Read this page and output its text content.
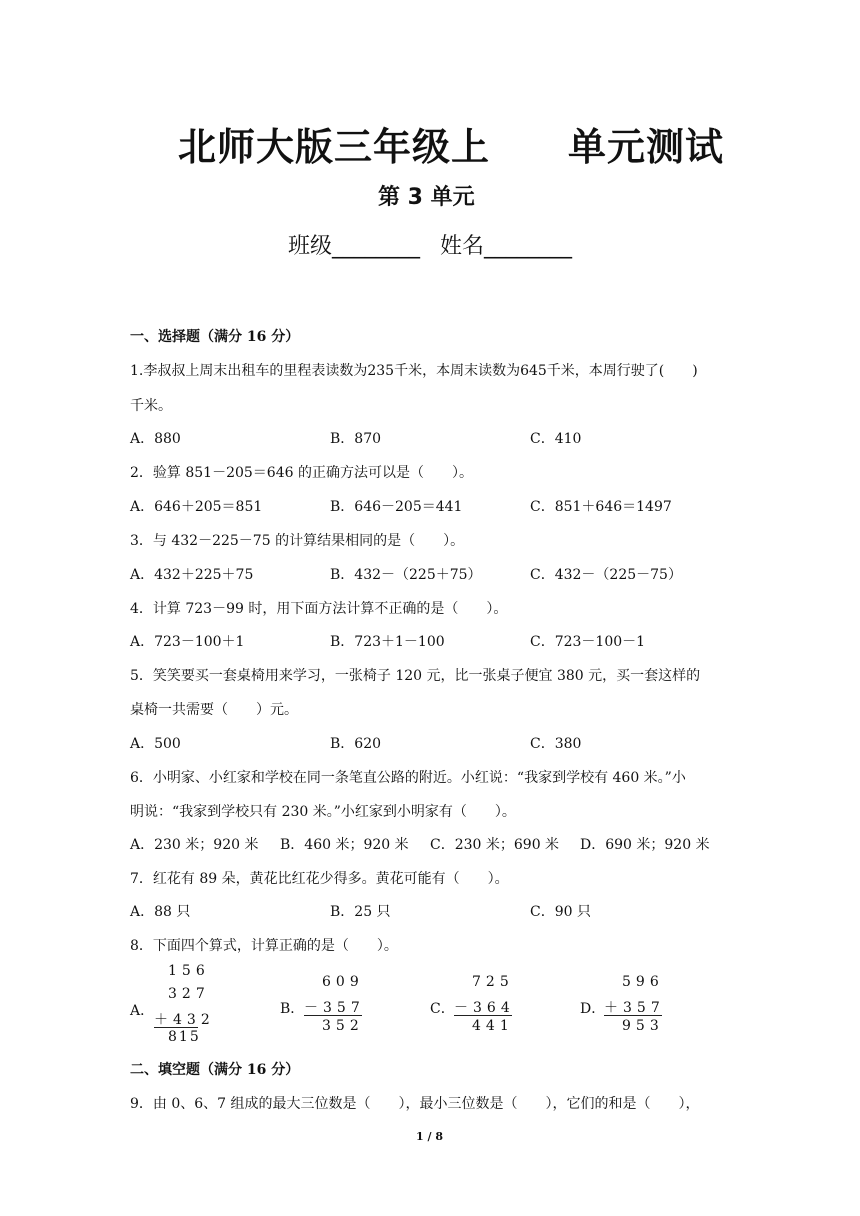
北师大版三年级上　　单元测试
第 3 单元
班级________ 姓名________
一、选择题（满分 16 分）
1.李叔叔上周末出租车的里程表读数为235千米，本周末读数为645千米，本周行驶了(　　)
千米。
A．880	B．870	C．410
2．验算 851－205＝646 的正确方法可以是（　　）。
A．646＋205＝851	B．646－205＝441	C．851＋646＝1497
3．与 432－225－75 的计算结果相同的是（　　）。
A．432＋225＋75	B．432－（225＋75）	C．432－（225－75）
4．计算 723－99 时，用下面方法计算不正确的是（　　）。
A．723－100＋1	B．723＋1－100	C．723－100－1
5．笑笑要买一套桌椅用来学习，一张椅子 120 元，比一张桌子便宜 380 元，买一套这样的
桌椅一共需要（　　）元。
A．500	B．620	C．380
6．小明家、小红家和学校在同一条笔直公路的附近。小红说：“我家到学校有 460 米。”小
明说：“我家到学校只有 230 米。”小红家到小明家有（　　）。
A．230 米；920 米 B．460 米；920 米 C．230 米；690 米 D．690 米；920 米
7．红花有 89 朵，黄花比红花少得多。黄花可能有（　　）。
A．88 只	B．25 只	C．90 只
8．下面四个算式，计算正确的是（　　）。
A．
156
327
＋432
815
B．
609
－357
352
C．
725
－364
441
D．
596
＋357
953
二、填空题（满分 16 分）
9．由 0、6、7 组成的最大三位数是（　　），最小三位数是（　　），它们的和是（　　），
1 / 8
